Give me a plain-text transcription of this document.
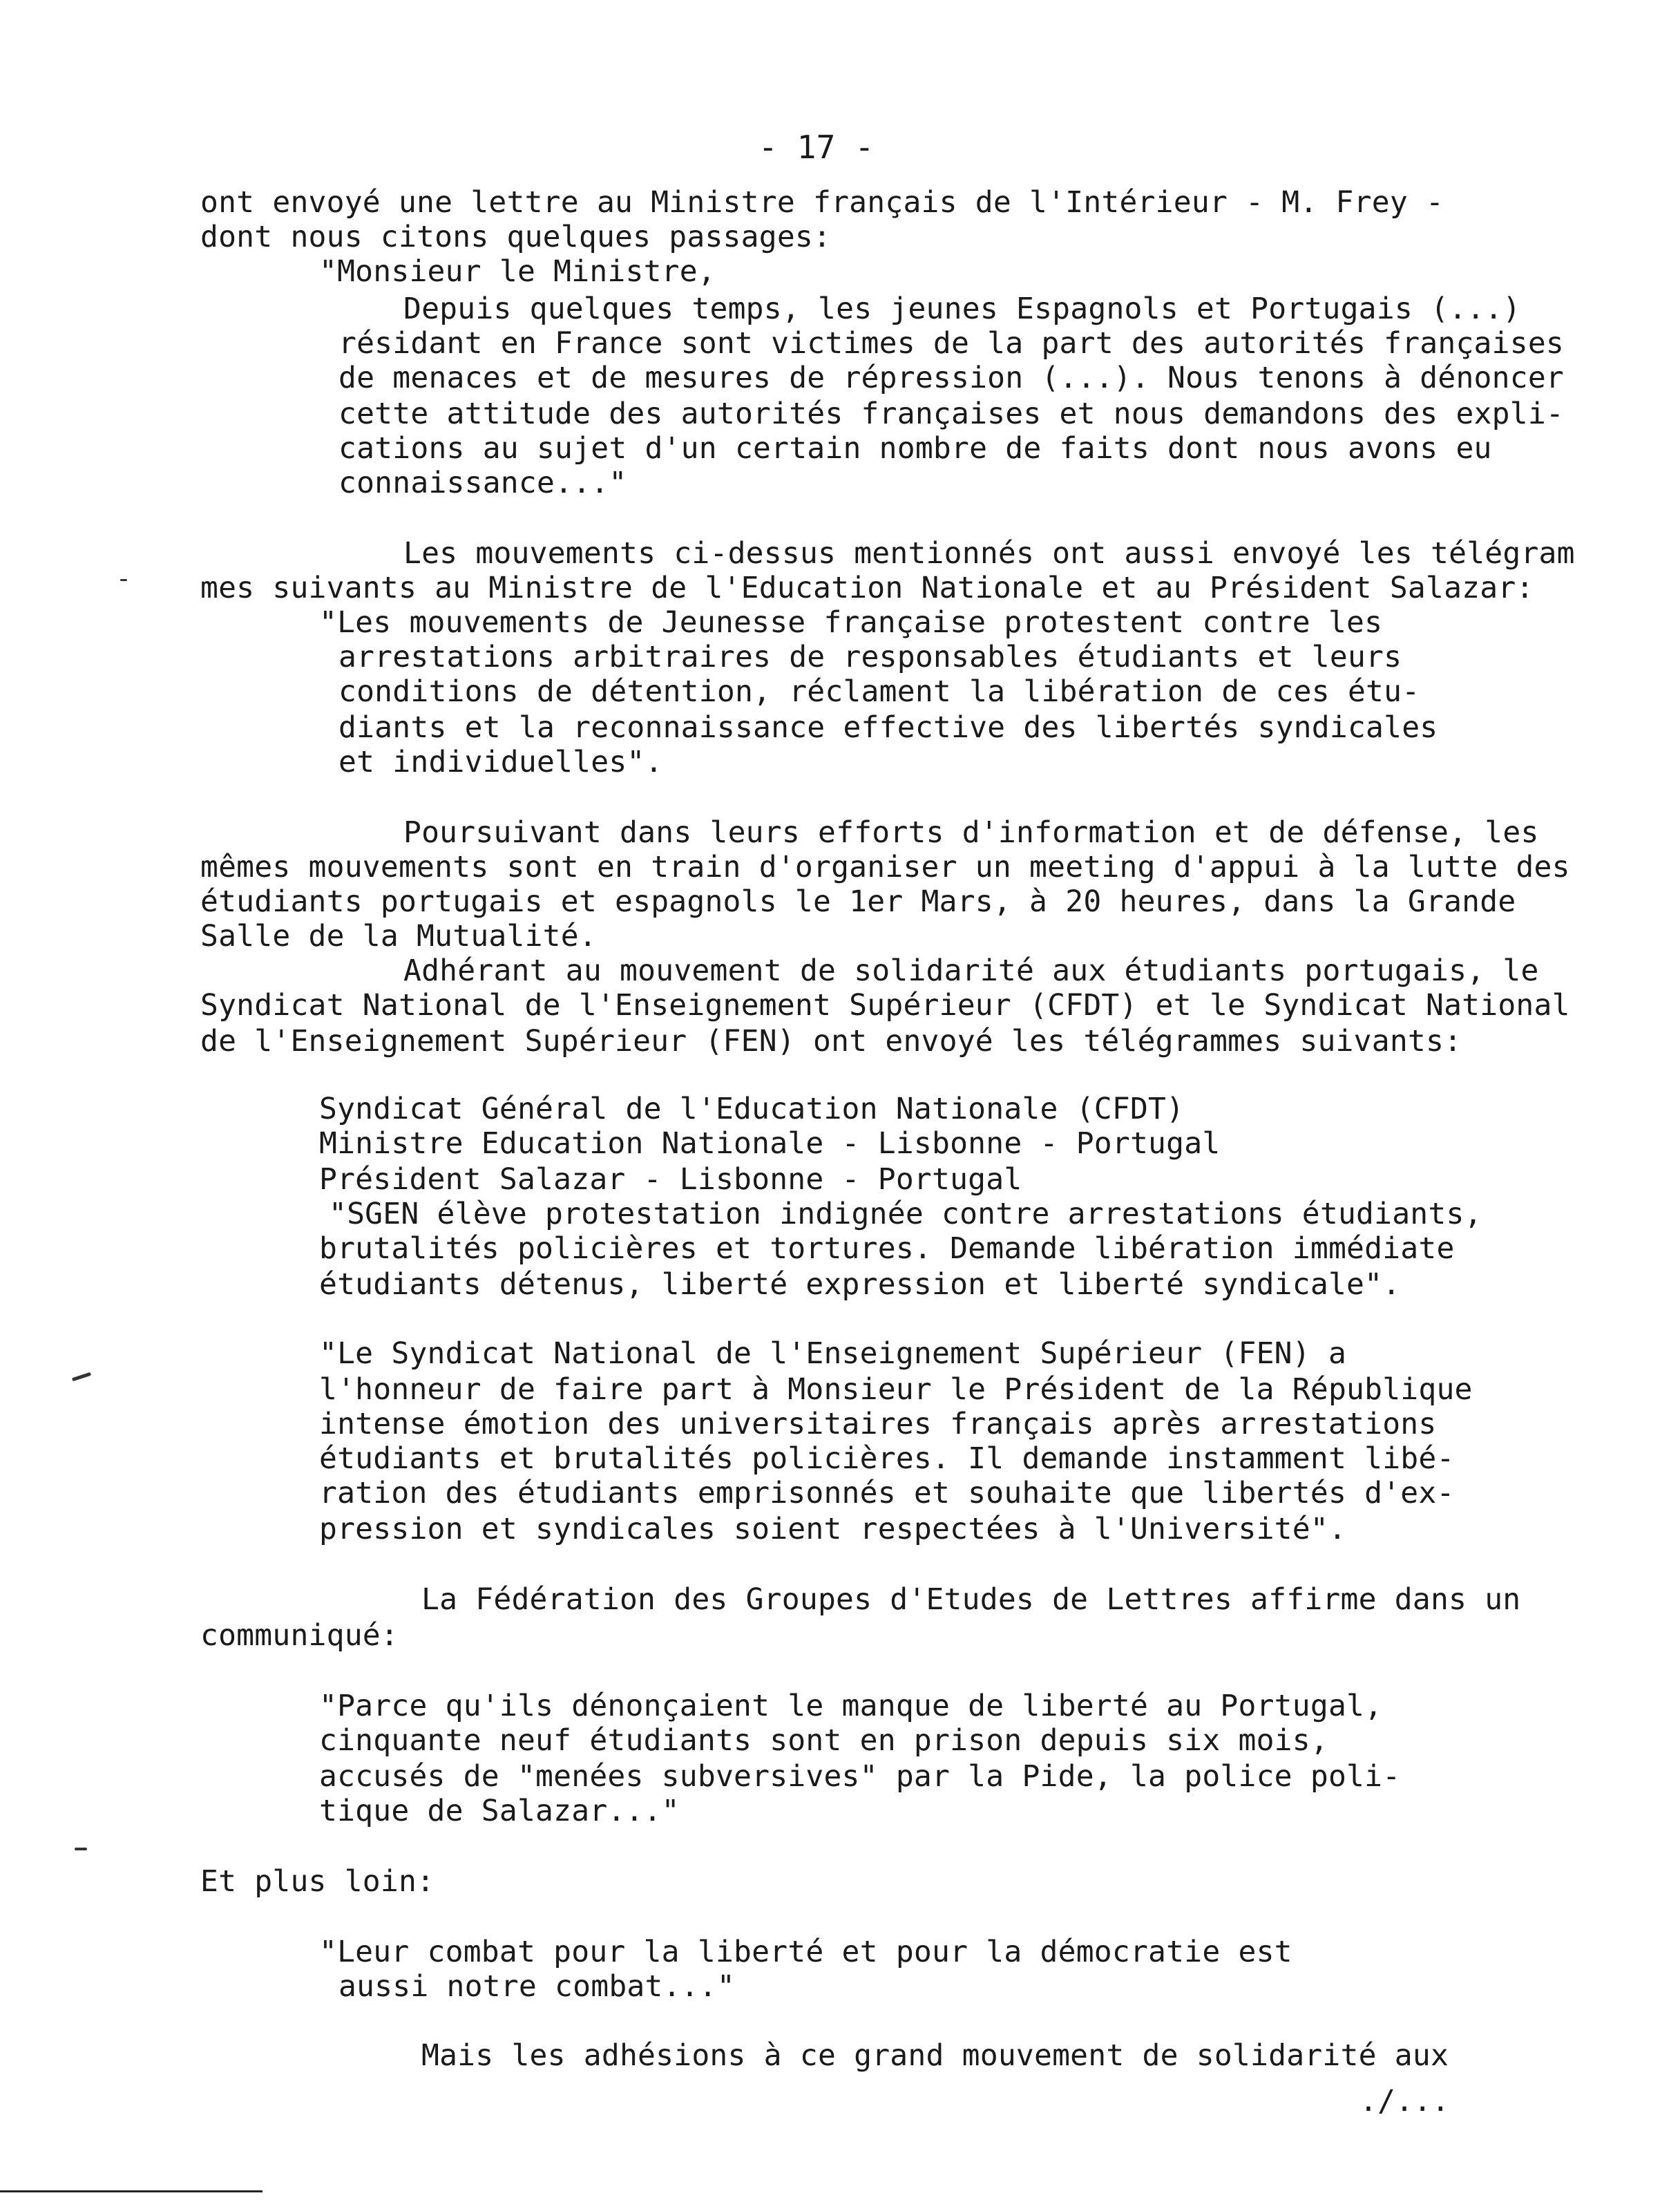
- 17 -
ont envoyé une lettre au Ministre français de l'Intérieur - M. Frey -
dont nous citons quelques passages:
"Monsieur le Ministre,
Depuis quelques temps, les jeunes Espagnols et Portugais (...)
résidant en France sont victimes de la part des autorités françaises
de menaces et de mesures de répression (...). Nous tenons à dénoncer
cette attitude des autorités françaises et nous demandons des expli-
cations au sujet d'un certain nombre de faits dont nous avons eu
connaissance..."
Les mouvements ci-dessus mentionnés ont aussi envoyé les télégram
mes suivants au Ministre de l'Education Nationale et au Président Salazar:
"Les mouvements de Jeunesse française protestent contre les
arrestations arbitraires de responsables étudiants et leurs
conditions de détention, réclament la libération de ces étu-
diants et la reconnaissance effective des libertés syndicales
et individuelles".
Poursuivant dans leurs efforts d'information et de défense, les
mêmes mouvements sont en train d'organiser un meeting d'appui à la lutte des
étudiants portugais et espagnols le 1er Mars, à 20 heures, dans la Grande
Salle de la Mutualité.
Adhérant au mouvement de solidarité aux étudiants portugais, le
Syndicat National de l'Enseignement Supérieur (CFDT) et le Syndicat National
de l'Enseignement Supérieur (FEN) ont envoyé les télégrammes suivants:
Syndicat Général de l'Education Nationale (CFDT)
Ministre Education Nationale - Lisbonne - Portugal
Président Salazar - Lisbonne - Portugal
"SGEN élève protestation indignée contre arrestations étudiants,
brutalités policières et tortures. Demande libération immédiate
étudiants détenus, liberté expression et liberté syndicale".
"Le Syndicat National de l'Enseignement Supérieur (FEN) a
l'honneur de faire part à Monsieur le Président de la République
intense émotion des universitaires français après arrestations
étudiants et brutalités policières. Il demande instamment libé-
ration des étudiants emprisonnés et souhaite que libertés d'ex-
pression et syndicales soient respectées à l'Université".
La Fédération des Groupes d'Etudes de Lettres affirme dans un
communiqué:
"Parce qu'ils dénonçaient le manque de liberté au Portugal,
cinquante neuf étudiants sont en prison depuis six mois,
accusés de "menées subversives" par la Pide, la police poli-
tique de Salazar..."
Et plus loin:
"Leur combat pour la liberté et pour la démocratie est
aussi notre combat..."
Mais les adhésions à ce grand mouvement de solidarité aux
./...
